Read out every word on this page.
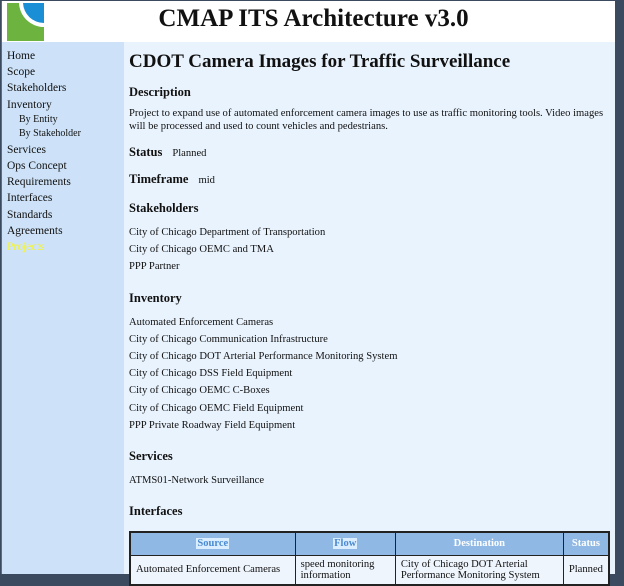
CMAP ITS Architecture v3.0
Home
Scope
Stakeholders
Inventory
By Entity
By Stakeholder
Services
Ops Concept
Requirements
Interfaces
Standards
Agreements
Projects
CDOT Camera Images for Traffic Surveillance
Description

Project to expand use of automated enforcement camera images to use as traffic monitoring tools. Video images will be processed and used to count vehicles and pedestrians.

Status Planned

Timeframe mid

Stakeholders
City of Chicago Department of Transportation
City of Chicago OEMC and TMA
PPP Partner
Inventory
Automated Enforcement Cameras
City of Chicago Communication Infrastructure
City of Chicago DOT Arterial Performance Monitoring System
City of Chicago DSS Field Equipment
City of Chicago OEMC C-Boxes
City of Chicago OEMC Field Equipment
PPP Private Roadway Field Equipment
Services
ATMS01-Network Surveillance
Interfaces
Source	Flow	Destination	Status
Automated Enforcement Cameras	speed monitoring information	City of Chicago DOT Arterial Performance Monitoring System	Planned
